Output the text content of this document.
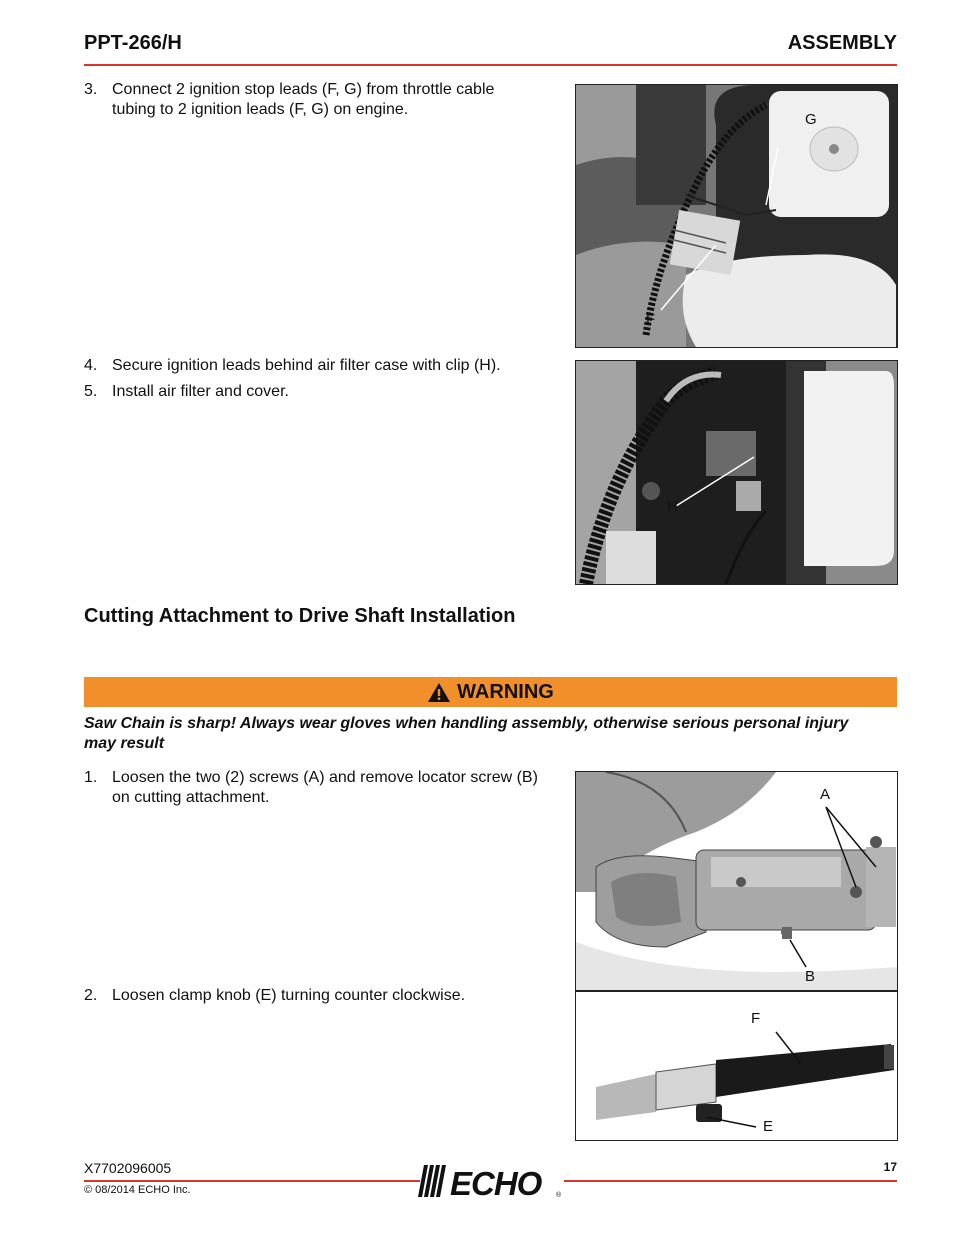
PPT-266/H	ASSEMBLY
3. Connect 2 ignition stop leads (F, G) from throttle cable
tubing to 2 ignition leads (F, G) on engine.
G
F
4. Secure ignition leads behind air filter case with clip (H).
5. Install air filter and cover.
H
Cutting Attachment to Drive Shaft Installation
WARNING
Saw Chain is sharp! Always wear gloves when handling assembly, otherwise serious personal injury
may result
1. Loosen the two (2) screws (A) and remove locator screw (B)
on cutting attachment.	A
B
2. Loosen clamp knob (E) turning counter clockwise.
F
E
X7702096005	17
© 08/2014 ECHO Inc.	ECHO ®
